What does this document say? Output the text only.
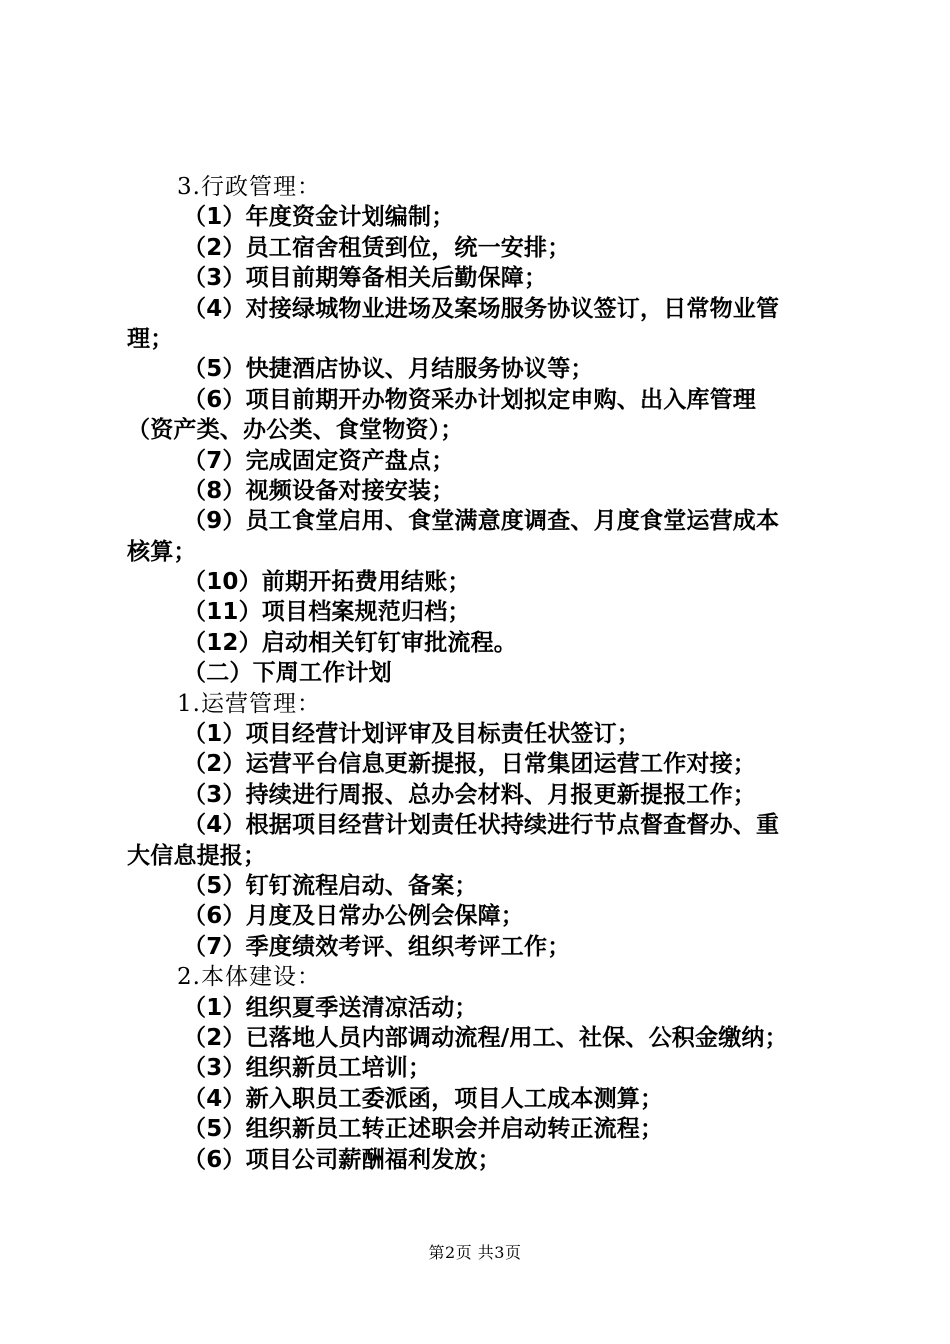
3.行政管理：
（1）年度资金计划编制；
（2）员工宿舍租赁到位，统一安排；
（3）项目前期筹备相关后勤保障；
（4）对接绿城物业进场及案场服务协议签订，日常物业管
理；
（5）快捷酒店协议、月结服务协议等；
（6）项目前期开办物资采办计划拟定申购、出入库管理
（资产类、办公类、食堂物资）；
（7）完成固定资产盘点；
（8）视频设备对接安装；
（9）员工食堂启用、食堂满意度调查、月度食堂运营成本
核算；
（10）前期开拓费用结账；
（11）项目档案规范归档；
（12）启动相关钉钉审批流程。
（二）下周工作计划
1.运营管理：
（1）项目经营计划评审及目标责任状签订；
（2）运营平台信息更新提报，日常集团运营工作对接；
（3）持续进行周报、总办会材料、月报更新提报工作；
（4）根据项目经营计划责任状持续进行节点督查督办、重
大信息提报；
（5）钉钉流程启动、备案；
（6）月度及日常办公例会保障；
（7）季度绩效考评、组织考评工作；
2.本体建设：
（1）组织夏季送清凉活动；
（2）已落地人员内部调动流程/用工、社保、公积金缴纳；
（3）组织新员工培训；
（4）新入职员工委派函，项目人工成本测算；
（5）组织新员工转正述职会并启动转正流程；
（6）项目公司薪酬福利发放；
第2页 共3页
